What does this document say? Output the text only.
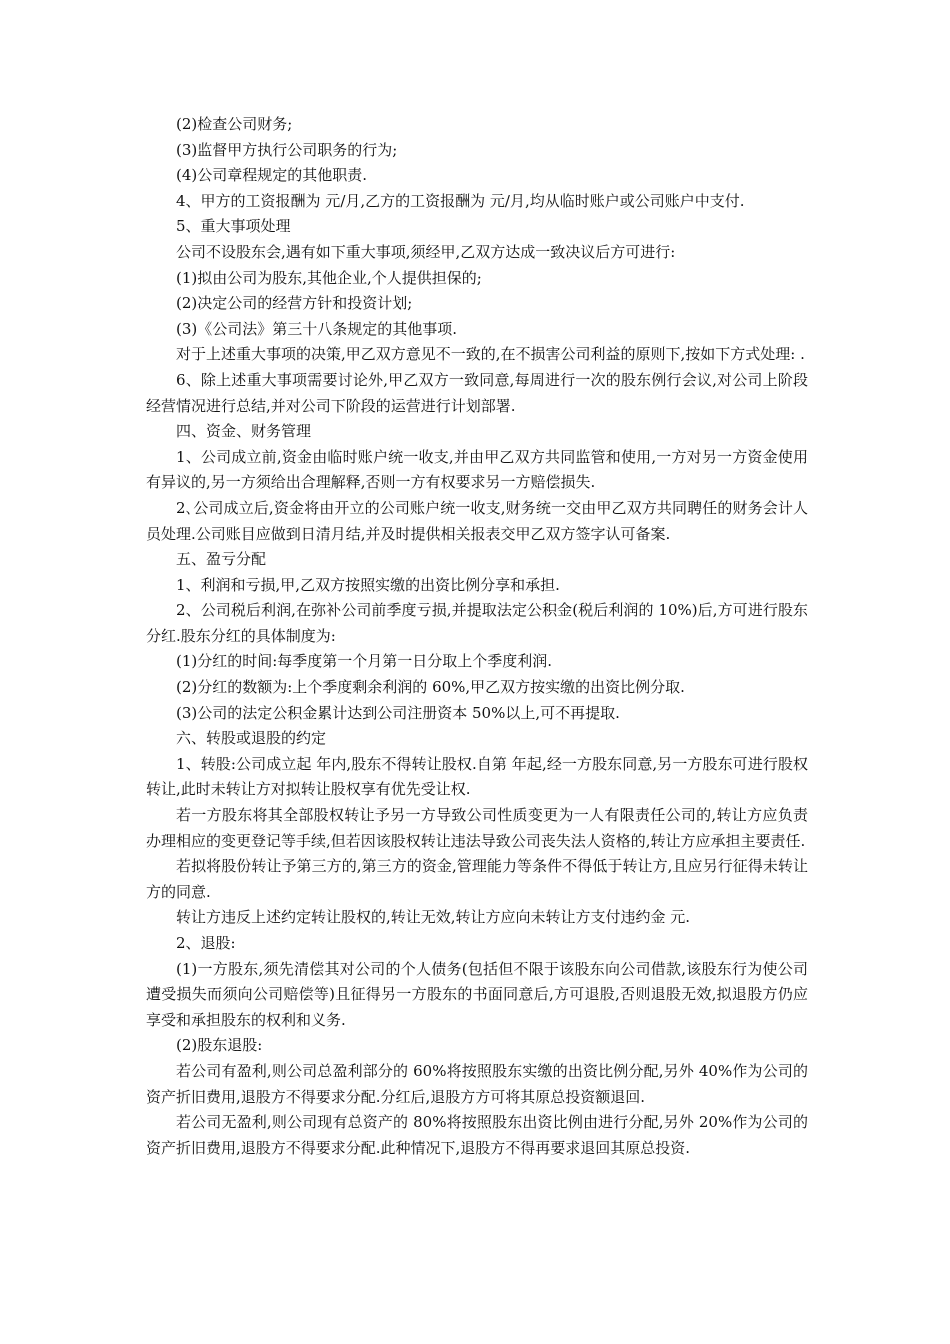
(2)检查公司财务;

(3)监督甲方执行公司职务的行为;

(4)公司章程规定的其他职责.

4、甲方的工资报酬为 元/月,乙方的工资报酬为 元/月,均从临时账户或公司账户中支付.

5、重大事项处理

公司不设股东会,遇有如下重大事项,须经甲,乙双方达成一致决议后方可进行:

(1)拟由公司为股东,其他企业,个人提供担保的;

(2)决定公司的经营方针和投资计划;

(3)《公司法》第三十八条规定的其他事项.

对于上述重大事项的决策,甲乙双方意见不一致的,在不损害公司利益的原则下,按如下方式处理: .

6、除上述重大事项需要讨论外,甲乙双方一致同意,每周进行一次的股东例行会议,对公司上阶段经营情况进行总结,并对公司下阶段的运营进行计划部署.

四、资金、财务管理

1、公司成立前,资金由临时账户统一收支,并由甲乙双方共同监管和使用,一方对另一方资金使用有异议的,另一方须给出合理解释,否则一方有权要求另一方赔偿损失.

2､公司成立后,资金将由开立的公司账户统一收支,财务统一交由甲乙双方共同聘任的财务会计人员处理.公司账目应做到日清月结,并及时提供相关报表交甲乙双方签字认可备案.

五、盈亏分配

1、利润和亏损,甲,乙双方按照实缴的出资比例分享和承担.

2、公司税后利润,在弥补公司前季度亏损,并提取法定公积金(税后利润的 10%)后,方可进行股东分红.股东分红的具体制度为:

(1)分红的时间:每季度第一个月第一日分取上个季度利润.

(2)分红的数额为:上个季度剩余利润的 60%,甲乙双方按实缴的出资比例分取.

(3)公司的法定公积金累计达到公司注册资本 50%以上,可不再提取.

六、转股或退股的约定

1、转股:公司成立起 年内,股东不得转让股权.自第 年起,经一方股东同意,另一方股东可进行股权转让,此时未转让方对拟转让股权享有优先受让权.

若一方股东将其全部股权转让予另一方导致公司性质变更为一人有限责任公司的,转让方应负责办理相应的变更登记等手续,但若因该股权转让违法导致公司丧失法人资格的,转让方应承担主要责任.

若拟将股份转让予第三方的,第三方的资金,管理能力等条件不得低于转让方,且应另行征得未转让方的同意.

转让方违反上述约定转让股权的,转让无效,转让方应向未转让方支付违约金 元.

2、退股:

(1)一方股东,须先清偿其对公司的个人债务(包括但不限于该股东向公司借款,该股东行为使公司遭受损失而须向公司赔偿等)且征得另一方股东的书面同意后,方可退股,否则退股无效,拟退股方仍应享受和承担股东的权利和义务.

(2)股东退股:

若公司有盈利,则公司总盈利部分的 60%将按照股东实缴的出资比例分配,另外 40%作为公司的资产折旧费用,退股方不得要求分配.分红后,退股方方可将其原总投资额退回.

若公司无盈利,则公司现有总资产的 80%将按照股东出资比例由进行分配,另外 20%作为公司的资产折旧费用,退股方不得要求分配.此种情况下,退股方不得再要求退回其原总投资.
